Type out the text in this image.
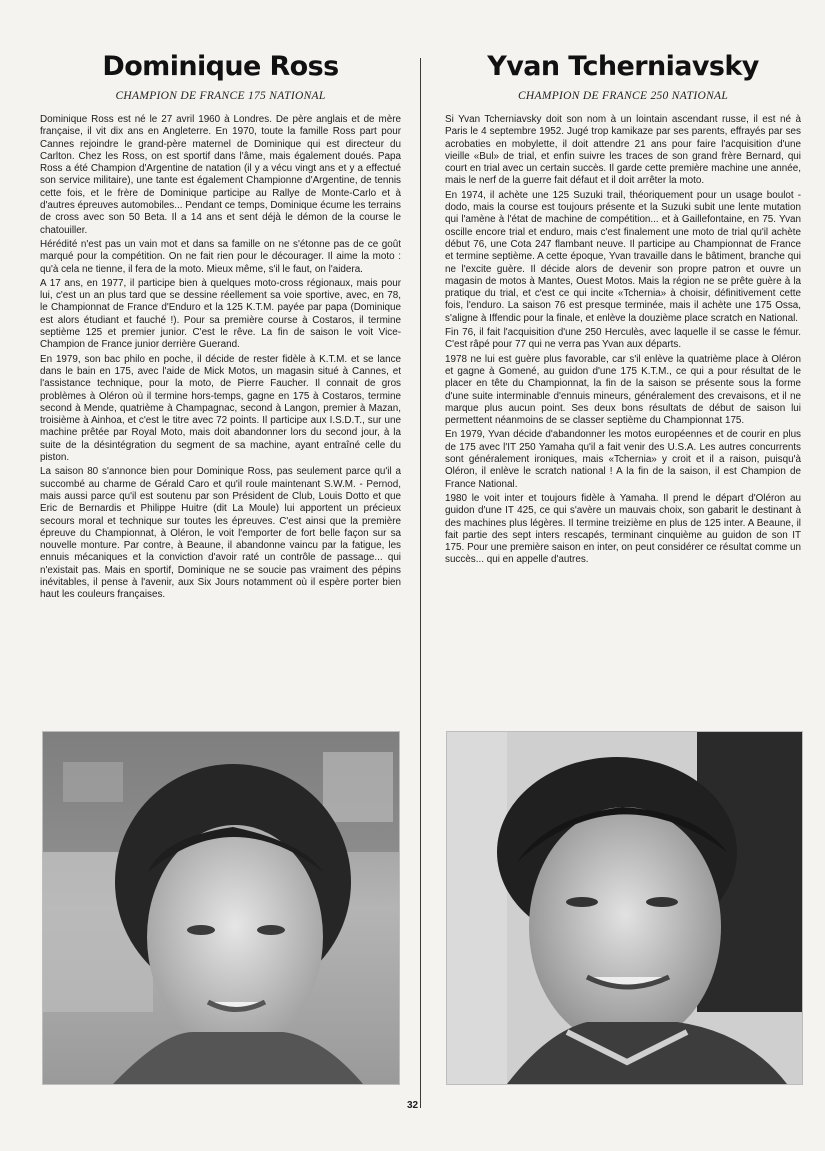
Dominique Ross
CHAMPION DE FRANCE 175 NATIONAL

Dominique Ross est né le 27 avril 1960 à Londres. De père anglais et de mère française, il vit dix ans en Angleterre. En 1970, toute la famille Ross part pour Cannes rejoindre le grand-père maternel de Dominique qui est directeur du Carlton. Chez les Ross, on est sportif dans l'âme, mais également doués. Papa Ross a été Champion d'Argentine de natation (il y a vécu vingt ans et y a effectué son service militaire), une tante est également Championne d'Argentine, de tennis cette fois, et le frère de Dominique participe au Rallye de Monte-Carlo et à d'autres épreuves automobiles... Pendant ce temps, Dominique écume les terrains de cross avec son 50 Beta. Il a 14 ans et sent déjà le démon de la course le chatouiller.

Hérédité n'est pas un vain mot et dans sa famille on ne s'étonne pas de ce goût marqué pour la compétition. On ne fait rien pour le décourager. Il aime la moto : qu'à cela ne tienne, il fera de la moto. Mieux même, s'il le faut, on l'aidera.

A 17 ans, en 1977, il participe bien à quelques moto-cross régionaux, mais pour lui, c'est un an plus tard que se dessine réellement sa voie sportive, avec, en 78, le Championnat de France d'Enduro et la 125 K.T.M. payée par papa (Dominique est alors étudiant et fauché !). Pour sa première course à Costaros, il termine septième 125 et premier junior. C'est le rêve. La fin de saison le voit Vice-Champion de France junior derrière Guerand.

En 1979, son bac philo en poche, il décide de rester fidèle à K.T.M. et se lance dans le bain en 175, avec l'aide de Mick Motos, un magasin situé à Cannes, et l'assistance technique, pour la moto, de Pierre Faucher. Il connait de gros problèmes à Oléron où il termine hors-temps, gagne en 175 à Costaros, termine second à Mende, quatrième à Champagnac, second à Langon, premier à Mazan, troisième à Ainhoa, et c'est le titre avec 72 points. Il participe aux I.S.D.T., sur une machine prêtée par Royal Moto, mais doit abandonner lors du second jour, à la suite de la désintégration du segment de sa machine, ayant entraîné celle du piston.

La saison 80 s'annonce bien pour Dominique Ross, pas seulement parce qu'il a succombé au charme de Gérald Caro et qu'il roule maintenant S.W.M. - Pernod, mais aussi parce qu'il est soutenu par son Président de Club, Louis Dotto et que Eric de Bernardis et Philippe Huitre (dit La Moule) lui apportent un précieux secours moral et technique sur toutes les épreuves. C'est ainsi que la première épreuve du Championnat, à Oléron, le voit l'emporter de fort belle façon sur sa nouvelle monture. Par contre, à Beaune, il abandonne vaincu par la fatigue, les ennuis mécaniques et la conviction d'avoir raté un contrôle de passage... qui n'existait pas. Mais en sportif, Dominique ne se soucie pas vraiment des pépins inévitables, il pense à l'avenir, aux Six Jours notamment où il espère porter bien haut les couleurs françaises.

Yvan Tcherniavsky
CHAMPION DE FRANCE 250 NATIONAL

Si Yvan Tcherniavsky doit son nom à un lointain ascendant russe, il est né à Paris le 4 septembre 1952. Jugé trop kamikaze par ses parents, effrayés par ses acrobaties en mobylette, il doit attendre 21 ans pour faire l'acquisition d'une vieille «Bul» de trial, et enfin suivre les traces de son grand frère Bernard, qui court en trial avec un certain succès. Il garde cette première machine une année, mais le nerf de la guerre fait défaut et il doit arrêter la moto.

En 1974, il achète une 125 Suzuki trail, théoriquement pour un usage boulot - dodo, mais la course est toujours présente et la Suzuki subit une lente mutation qui l'amène à l'état de machine de compétition... et à Gaillefontaine, en 75. Yvan oscille encore trial et enduro, mais c'est finalement une moto de trial qu'il achète début 76, une Cota 247 flambant neuve. Il participe au Championnat de France et termine septième. A cette époque, Yvan travaille dans le bâtiment, branche qui ne l'excite guère. Il décide alors de devenir son propre patron et ouvre un magasin de motos à Mantes, Ouest Motos. Mais la région ne se prête guère à la pratique du trial, et c'est ce qui incite «Tchernia» à choisir, définitivement cette fois, l'enduro. La saison 76 est presque terminée, mais il achète une 175 Ossa, s'aligne à Iffendic pour la finale, et enlève la douzième place scratch en National.

Fin 76, il fait l'acquisition d'une 250 Herculès, avec laquelle il se casse le fémur. C'est râpé pour 77 qui ne verra pas Yvan aux départs.

1978 ne lui est guère plus favorable, car s'il enlève la quatrième place à Oléron et gagne à Gomené, au guidon d'une 175 K.T.M., ce qui a pour résultat de le placer en tête du Championnat, la fin de la saison se présente sous la forme d'une suite interminable d'ennuis mineurs, généralement des crevaisons, et il ne marque plus aucun point. Ses deux bons résultats de début de saison lui permettent néanmoins de se classer septième du Championnat 175.

En 1979, Yvan décide d'abandonner les motos européennes et de courir en plus de 175 avec l'IT 250 Yamaha qu'il a fait venir des U.S.A. Les autres concurrents sont généralement ironiques, mais «Tchernia» y croit et il a raison, puisqu'à Oléron, il enlève le scratch national ! A la fin de la saison, il est Champion de France National.

1980 le voit inter et toujours fidèle à Yamaha. Il prend le départ d'Oléron au guidon d'une IT 425, ce qui s'avère un mauvais choix, son gabarit le destinant à des machines plus légères. Il termine treizième en plus de 125 inter. A Beaune, il fait partie des sept inters rescapés, terminant cinquième au guidon de son IT 175. Pour une première saison en inter, on peut considérer ce résultat comme un succès... qui en appelle d'autres.

32
